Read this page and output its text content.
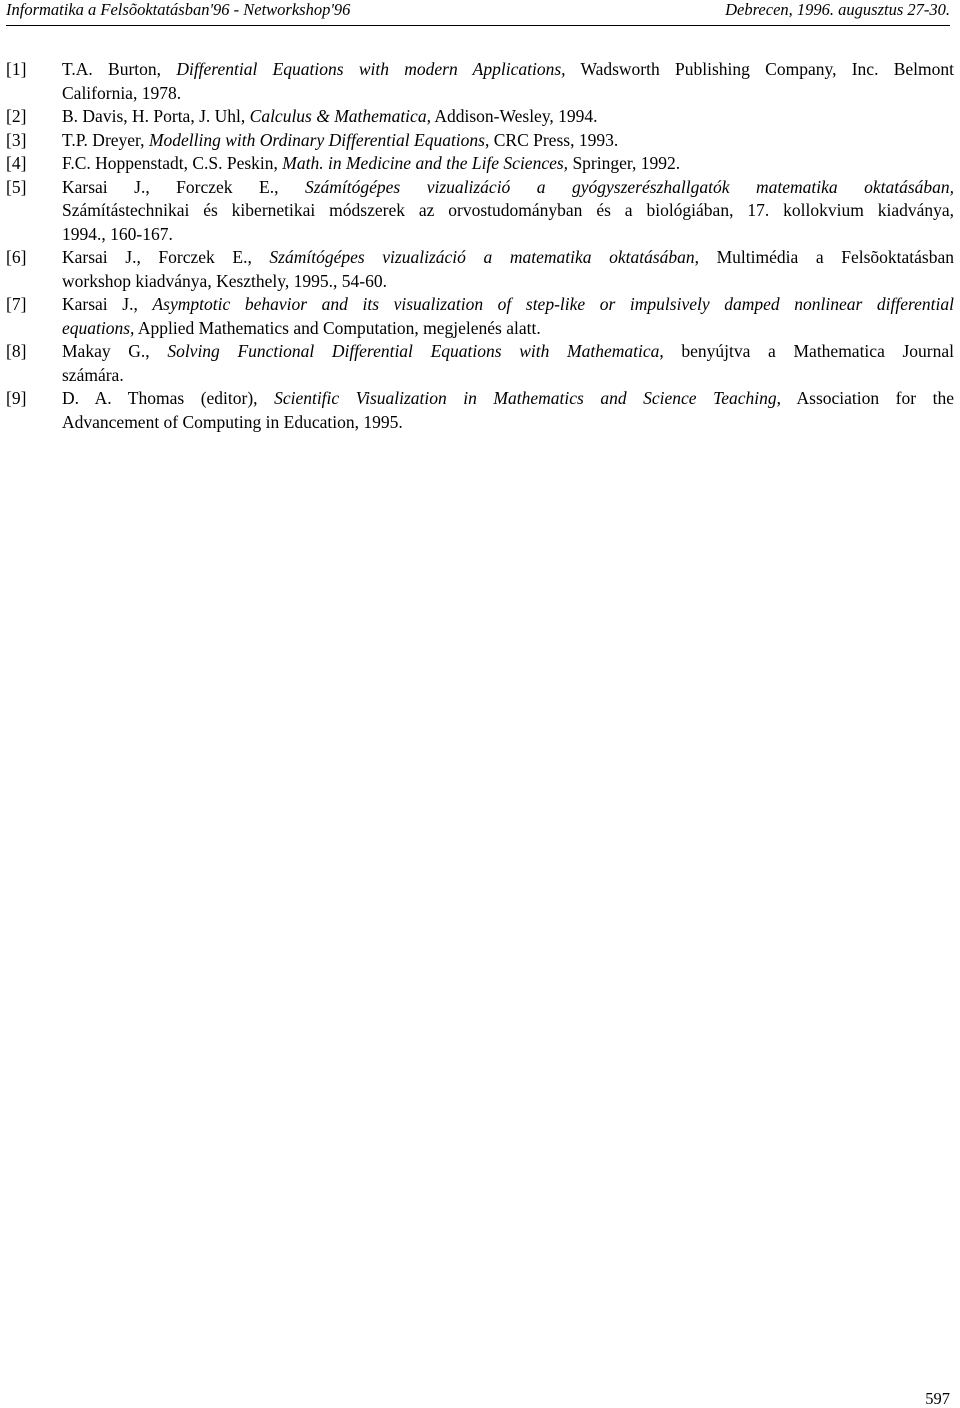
Informatika a Felsõoktatásban'96 - Networkshop'96	Debrecen, 1996. augusztus 27-30.
[1] T.A. Burton, Differential Equations with modern Applications, Wadsworth Publishing Company, Inc. Belmont
California, 1978.
[2] B. Davis, H. Porta, J. Uhl, Calculus & Mathematica, Addison-Wesley, 1994.
[3] T.P. Dreyer, Modelling with Ordinary Differential Equations, CRC Press, 1993.
[4] F.C. Hoppenstadt, C.S. Peskin, Math. in Medicine and the Life Sciences, Springer, 1992.
[5] Karsai J., Forczek E., Számítógépes vizualizáció a gyógyszerészhallgatók matematika oktatásában,
Számítástechnikai és kibernetikai módszerek az orvostudományban és a biológiában, 17. kollokvium kiadványa,
1994., 160-167.
[6] Karsai J., Forczek E., Számítógépes vizualizáció a matematika oktatásában, Multimédia a Felsõoktatásban
workshop kiadványa, Keszthely, 1995., 54-60.
[7] Karsai J., Asymptotic behavior and its visualization of step-like or impulsively damped nonlinear differential
equations, Applied Mathematics and Computation, megjelenés alatt.
[8] Makay G., Solving Functional Differential Equations with Mathematica, benyújtva a Mathematica Journal
számára.
[9] D. A. Thomas (editor), Scientific Visualization in Mathematics and Science Teaching, Association for the
Advancement of Computing in Education, 1995.
597
